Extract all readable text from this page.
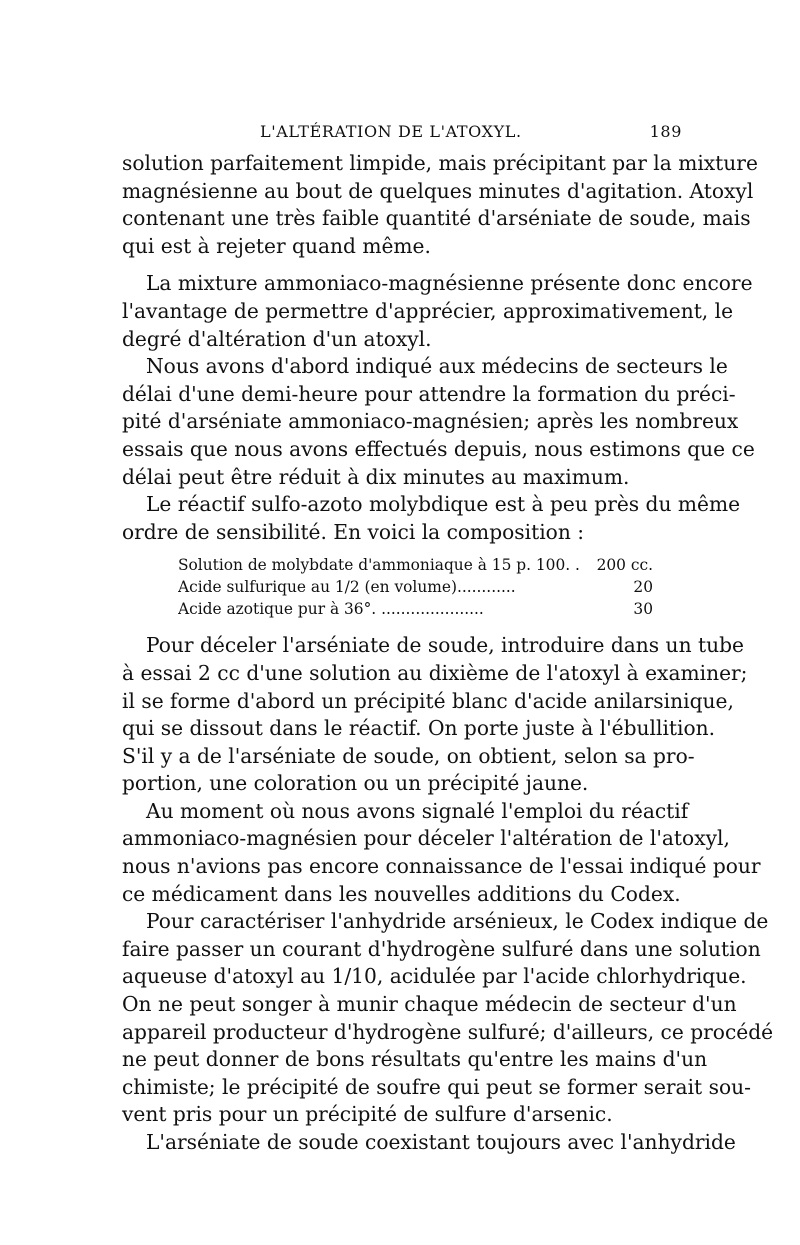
L'ALTÉRATION DE L'ATOXYL.	189
solution parfaitement limpide, mais précipitant par la mixture
magnésienne au bout de quelques minutes d'agitation. Atoxyl
contenant une très faible quantité d'arséniate de soude, mais
qui est à rejeter quand même.
La mixture ammoniaco-magnésienne présente donc encore
l'avantage de permettre d'apprécier, approximativement, le
degré d'altération d'un atoxyl.
Nous avons d'abord indiqué aux médecins de secteurs le
délai d'une demi-heure pour attendre la formation du préci-
pité d'arséniate ammoniaco-magnésien; après les nombreux
essais que nous avons effectués depuis, nous estimons que ce
délai peut être réduit à dix minutes au maximum.
Le réactif sulfo-azoto molybdique est à peu près du même
ordre de sensibilité. En voici la composition :
Solution de molybdate d'ammoniaque à 15 p. 100. .	200 cc.
Acide sulfurique au 1/2 (en volume)............	20
Acide azotique pur à 36°. .....................	30
Pour déceler l'arséniate de soude, introduire dans un tube
à essai 2 cc d'une solution au dixième de l'atoxyl à examiner;
il se forme d'abord un précipité blanc d'acide anilarsinique,
qui se dissout dans le réactif. On porte juste à l'ébullition.
S'il y a de l'arséniate de soude, on obtient, selon sa pro-
portion, une coloration ou un précipité jaune.
Au moment où nous avons signalé l'emploi du réactif
ammoniaco-magnésien pour déceler l'altération de l'atoxyl,
nous n'avions pas encore connaissance de l'essai indiqué pour
ce médicament dans les nouvelles additions du Codex.
Pour caractériser l'anhydride arsénieux, le Codex indique de
faire passer un courant d'hydrogène sulfuré dans une solution
aqueuse d'atoxyl au 1/10, acidulée par l'acide chlorhydrique.
On ne peut songer à munir chaque médecin de secteur d'un
appareil producteur d'hydrogène sulfuré; d'ailleurs, ce procédé
ne peut donner de bons résultats qu'entre les mains d'un
chimiste; le précipité de soufre qui peut se former serait sou-
vent pris pour un précipité de sulfure d'arsenic.
L'arséniate de soude coexistant toujours avec l'anhydride
